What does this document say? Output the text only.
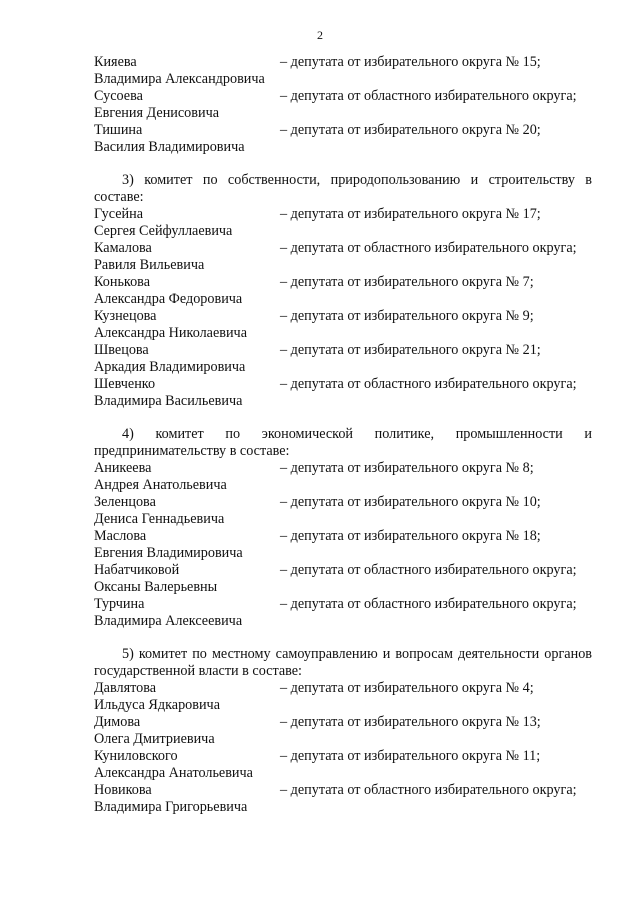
2
Кияева
Владимира Александровича
– депутата от избирательного округа № 15;
Сусоева
Евгения Денисовича
– депутата от областного избирательного округа;
Тишина
Василия Владимировича
– депутата от избирательного округа № 20;
3) комитет по собственности, природопользованию и строительству в составе:
Гусейна
Сергея Сейфуллаевича
– депутата от избирательного округа № 17;
Камалова
Равиля Вильевича
– депутата от областного избирательного округа;
Конькова
Александра Федоровича
– депутата от избирательного округа № 7;
Кузнецова
Александра Николаевича
– депутата от избирательного округа № 9;
Швецова
Аркадия Владимировича
– депутата от избирательного округа № 21;
Шевченко
Владимира Васильевича
– депутата от областного избирательного округа;
4) комитет по экономической политике, промышленности и предпринимательству в составе:
Аникеева
Андрея Анатольевича
– депутата от избирательного округа № 8;
Зеленцова
Дениса Геннадьевича
– депутата от избирательного округа № 10;
Маслова
Евгения Владимировича
– депутата от избирательного округа № 18;
Набатчиковой
Оксаны Валерьевны
– депутата от областного избирательного округа;
Турчина
Владимира Алексеевича
– депутата от областного избирательного округа;
5) комитет по местному самоуправлению и вопросам деятельности органов государственной власти в составе:
Давлятова
Ильдуса Ядкаровича
– депутата от избирательного округа № 4;
Димова
Олега Дмитриевича
– депутата от избирательного округа № 13;
Куниловского
Александра Анатольевича
– депутата от избирательного округа № 11;
Новикова
Владимира Григорьевича
– депутата от областного избирательного округа;
